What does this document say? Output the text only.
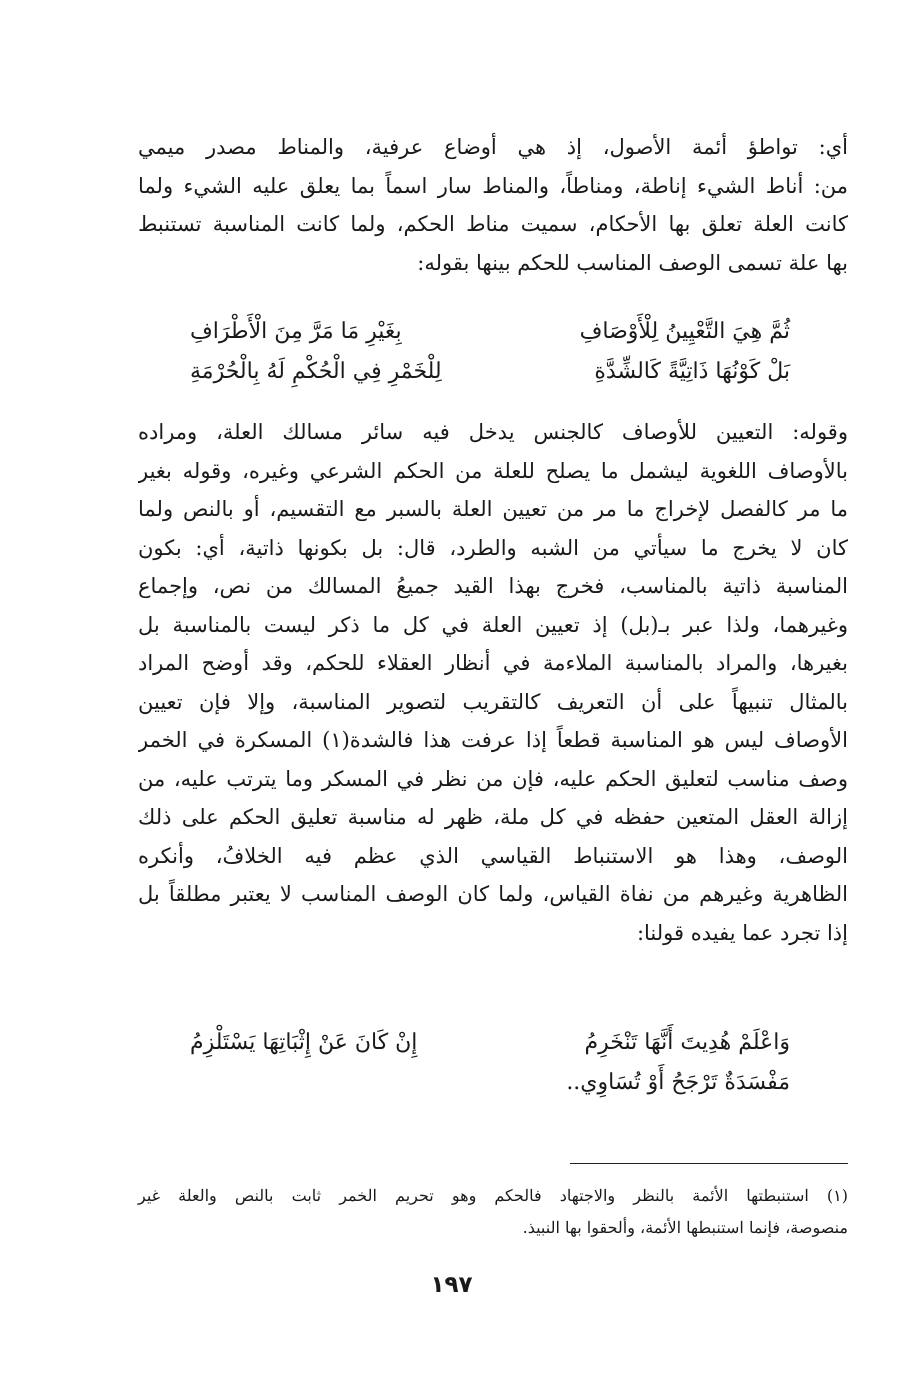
أي: تواطؤ أئمة الأصول، إذ هي أوضاع عرفية، والمناط مصدر ميمي
من: أناط الشيء إناطة، ومناطاً، والمناط سار اسماً بما يعلق عليه الشيء ولما
كانت العلة تعلق بها الأحكام، سميت مناط الحكم، ولما كانت المناسبة تستنبط
بها علة تسمى الوصف المناسب للحكم بينها بقوله:
ثُمَّ هِيَ التَّعْيِينُ لِلْأَوْصَافِ
بِغَيْرِ مَا مَرَّ مِنَ الْأَطْرَافِ
بَلْ كَوْنُهَا ذَاتِيَّةً كَالشِّدَّةِ
لِلْخَمْرِ فِي الْحُكْمِ لَهُ بِالْحُرْمَةِ
وقوله: التعيين للأوصاف كالجنس يدخل فيه سائر مسالك العلة، ومراده
بالأوصاف اللغوية ليشمل ما يصلح للعلة من الحكم الشرعي وغيره، وقوله بغير
ما مر كالفصل لإخراج ما مر من تعيين العلة بالسبر مع التقسيم، أو بالنص ولما
كان لا يخرج ما سيأتي من الشبه والطرد، قال: بل بكونها ذاتية، أي: بكون
المناسبة ذاتية بالمناسب، فخرج بهذا القيد جميعُ المسالك من نص، وإجماع
وغيرهما، ولذا عبر بـ(بل) إذ تعيين العلة في كل ما ذكر ليست بالمناسبة بل
بغيرها، والمراد بالمناسبة الملاءمة في أنظار العقلاء للحكم، وقد أوضح المراد
بالمثال تنبيهاً على أن التعريف كالتقريب لتصوير المناسبة، وإلا فإن تعيين
الأوصاف ليس هو المناسبة قطعاً إذا عرفت هذا فالشدة(١) المسكرة في الخمر
وصف مناسب لتعليق الحكم عليه، فإن من نظر في المسكر وما يترتب عليه، من
إزالة العقل المتعين حفظه في كل ملة، ظهر له مناسبة تعليق الحكم على ذلك
الوصف، وهذا هو الاستنباط القياسي الذي عظم فيه الخلافُ، وأنكره
الظاهرية وغيرهم من نفاة القياس، ولما كان الوصف المناسب لا يعتبر مطلقاً بل
إذا تجرد عما يفيده قولنا:
وَاعْلَمْ هُدِيتَ أَنَّهَا تَنْخَرِمُ
إِنْ كَانَ عَنْ إِثْبَاتِهَا يَسْتَلْزِمُ
مَفْسَدَةٌ تَرْجَحُ أَوْ تُسَاوِي..
(١) استنبطتها الأئمة بالنظر والاجتهاد فالحكم وهو تحريم الخمر ثابت بالنص والعلة غير
منصوصة، فإنما استنبطها الأئمة، وألحقوا بها النبيذ.
١٩٧
